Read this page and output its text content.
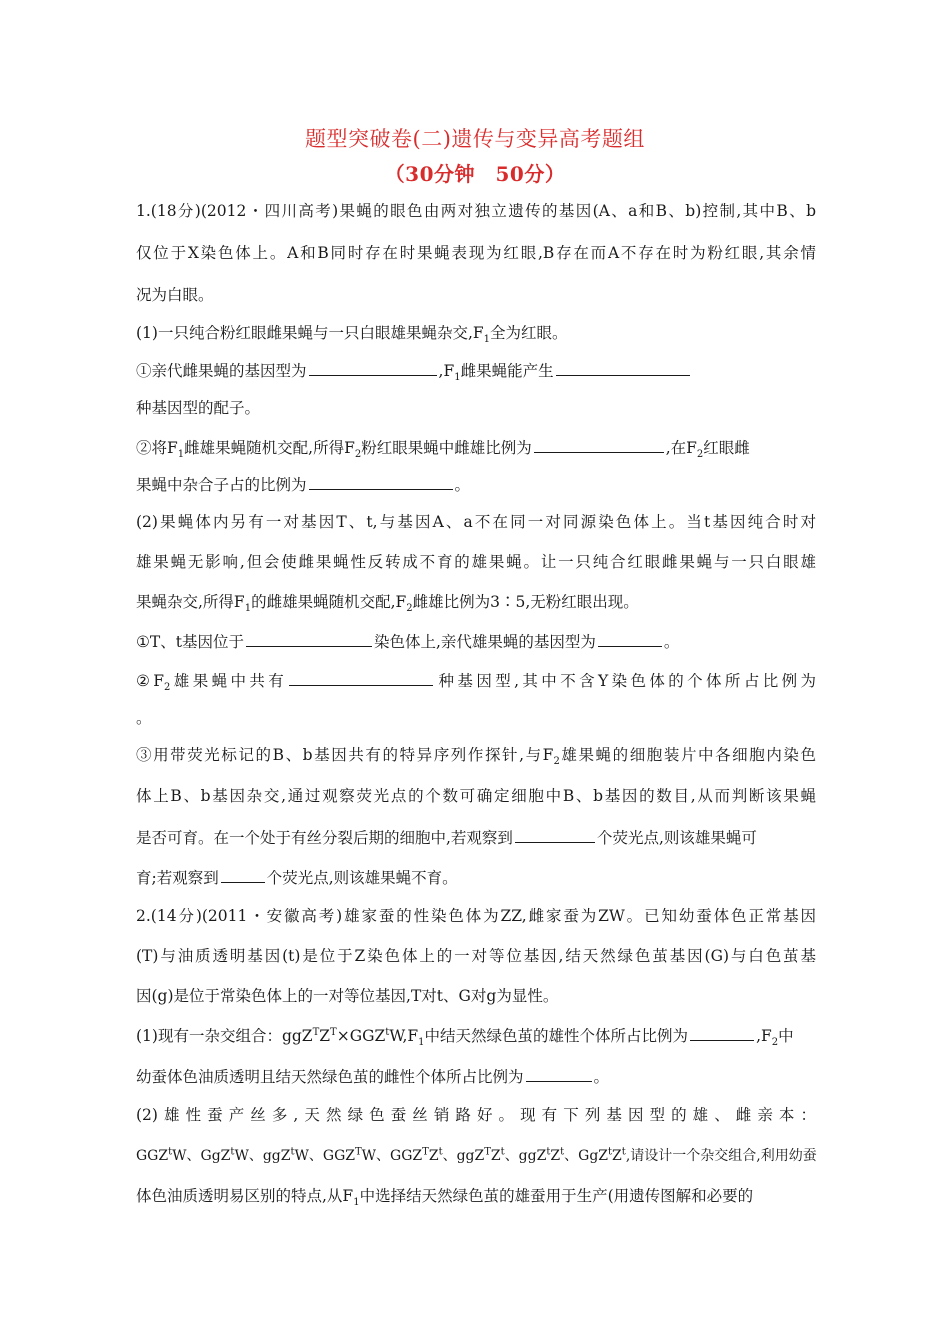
题型突破卷(二)遗传与变异高考题组
（30分钟　50分）
1.(18分)(2012・四川高考)果蝇的眼色由两对独立遗传的基因(A、a和B、b)控制,其中B、b
仅位于X染色体上。A和B同时存在时果蝇表现为红眼,B存在而A不存在时为粉红眼,其余情
况为白眼。
(1)一只纯合粉红眼雌果蝇与一只白眼雄果蝇杂交$,F_1$全为红眼。
①亲代雌果蝇的基因型为	$,F_1$雌果蝇能产生
种基因型的配子。
②将$F_1$雌雄果蝇随机交配,所得$F_2$粉红眼果蝇中雌雄比例为	,在$F_2$红眼雌
果蝇中杂合子占的比例为	。
(2)果蝇体内另有一对基因T、t,与基因A、a不在同一对同源染色体上。当t基因纯合时对
雄果蝇无影响,但会使雌果蝇性反转成不育的雄果蝇。让一只纯合红眼雌果蝇与一只白眼雄
果蝇杂交,所得$F_1$的雌雄果蝇随机交配$,F_2$雌雄比例为3∶5,无粉红眼出现。
①T、t基因位于	染色体上,亲代雄果蝇的基因型为	。
$②F_2$雄果蝇中共有	种基因型,其中不含Y染色体的个体所占比例为
。
③用带荧光标记的B、b基因共有的特异序列作探针,与$F_2$雄果蝇的细胞装片中各细胞内染色
体上B、b基因杂交,通过观察荧光点的个数可确定细胞中B、b基因的数目,从而判断该果蝇
是否可育。在一个处于有丝分裂后期的细胞中,若观察到	个荧光点,则该雄果蝇可
育;若观察到	个荧光点,则该雄果蝇不育。
2.(14分)(2011・安徽高考)雄家蚕的性染色体为ZZ,雌家蚕为ZW。已知幼蚕体色正常基因
(T)与油质透明基因(t)是位于Z染色体上的一对等位基因,结天然绿色茧基因(G)与白色茧基
因(g)是位于常染色体上的一对等位基因,T对t、G对g为显性。
(1)现有一杂交组合：$ggZ^TZ^T\times GGZ^tW,F_1$中结天然绿色茧的雄性个体所占比例为	$,F_2$中
幼蚕体色油质透明且结天然绿色茧的雌性个体所占比例为	。
(2)雄性蚕产丝多,天然绿色蚕丝销路好。现有下列基因型的雄、雌亲本：
GGZ$^t$W、GgZ$^t$W、ggZ$^t$W、$GGZ^TW$、$GGZ^TZ^t$、$ggZ^TZ^t$、$ggZ^tZ^t$、$GgZ^tZ^t$,请设计一个杂交组合,利用幼蚕
体色油质透明易区别的特点,从$F_1$中选择结天然绿色茧的雄蚕用于生产(用遗传图解和必要的
